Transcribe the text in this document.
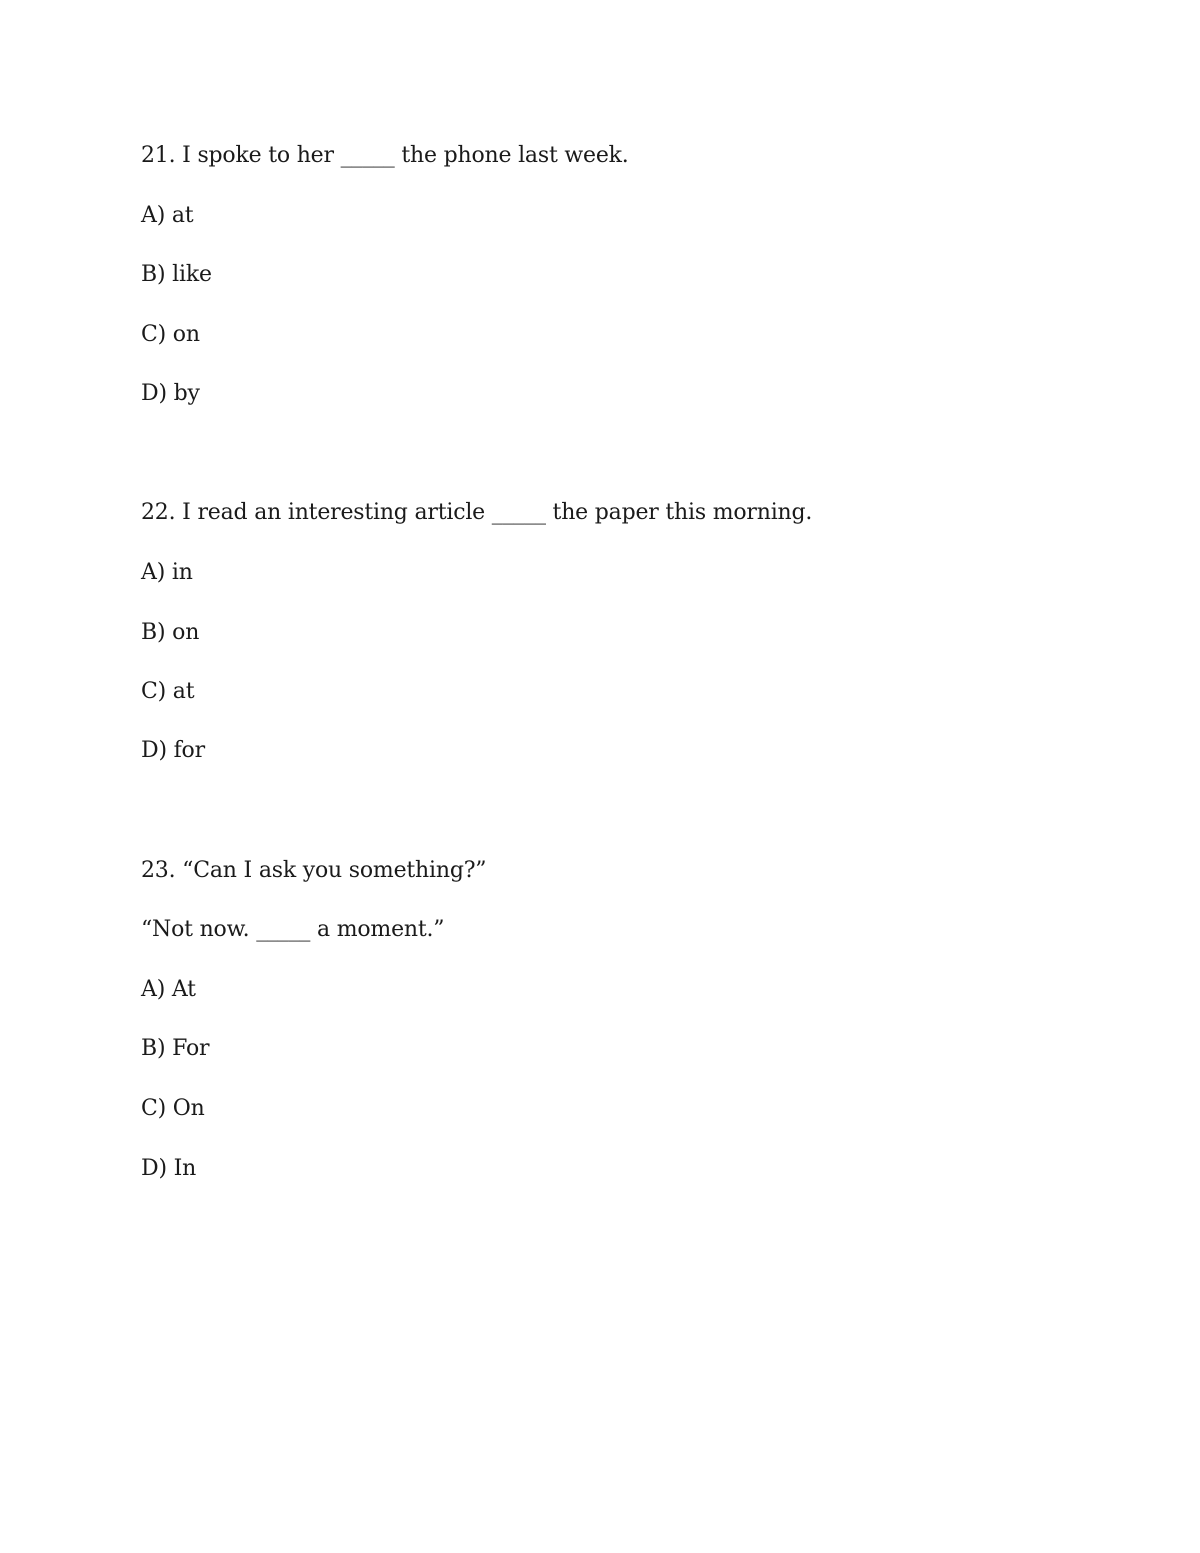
21. I spoke to her _____ the phone last week.
A) at
B) like
C) on
D) by
22. I read an interesting article _____ the paper this morning.
A) in
B) on
C) at
D) for
23. “Can I ask you something?”
“Not now. _____ a moment.”
A) At
B) For
C) On
D) In
